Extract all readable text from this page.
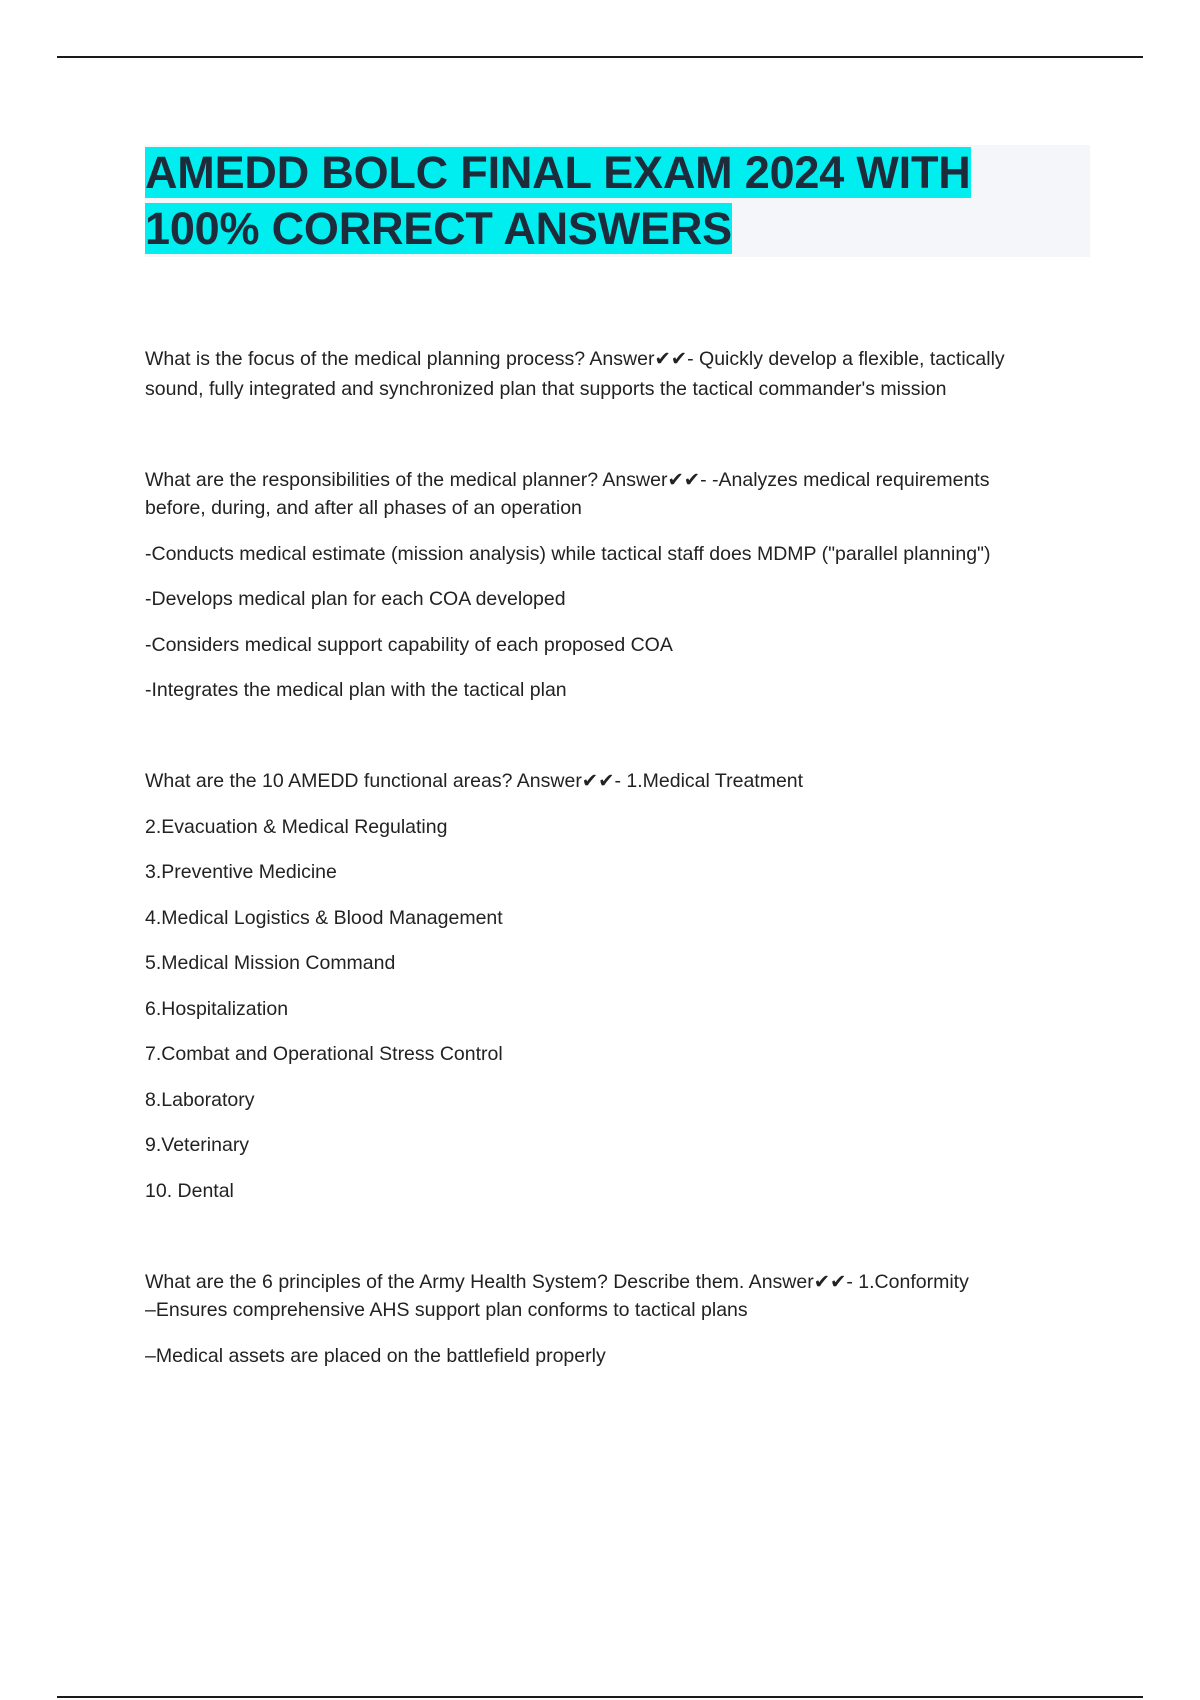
AMEDD BOLC FINAL EXAM 2024 WITH
100% CORRECT ANSWERS

What is the focus of the medical planning process? Answer✔✔- Quickly develop a flexible, tactically

sound, fully integrated and synchronized plan that supports the tactical commander's mission

What are the responsibilities of the medical planner? Answer✔✔- -Analyzes medical requirements

before, during, and after all phases of an operation

-Conducts medical estimate (mission analysis) while tactical staff does MDMP ("parallel planning")

-Develops medical plan for each COA developed

-Considers medical support capability of each proposed COA

-Integrates the medical plan with the tactical plan

What are the 10 AMEDD functional areas? Answer✔✔- 1.Medical Treatment

2.Evacuation & Medical Regulating

3.Preventive Medicine

4.Medical Logistics & Blood Management

5.Medical Mission Command

6.Hospitalization

7.Combat and Operational Stress Control

8.Laboratory

9.Veterinary

10. Dental

What are the 6 principles of the Army Health System? Describe them. Answer✔✔- 1.Conformity

–Ensures comprehensive AHS support plan conforms to tactical plans

–Medical assets are placed on the battlefield properly
